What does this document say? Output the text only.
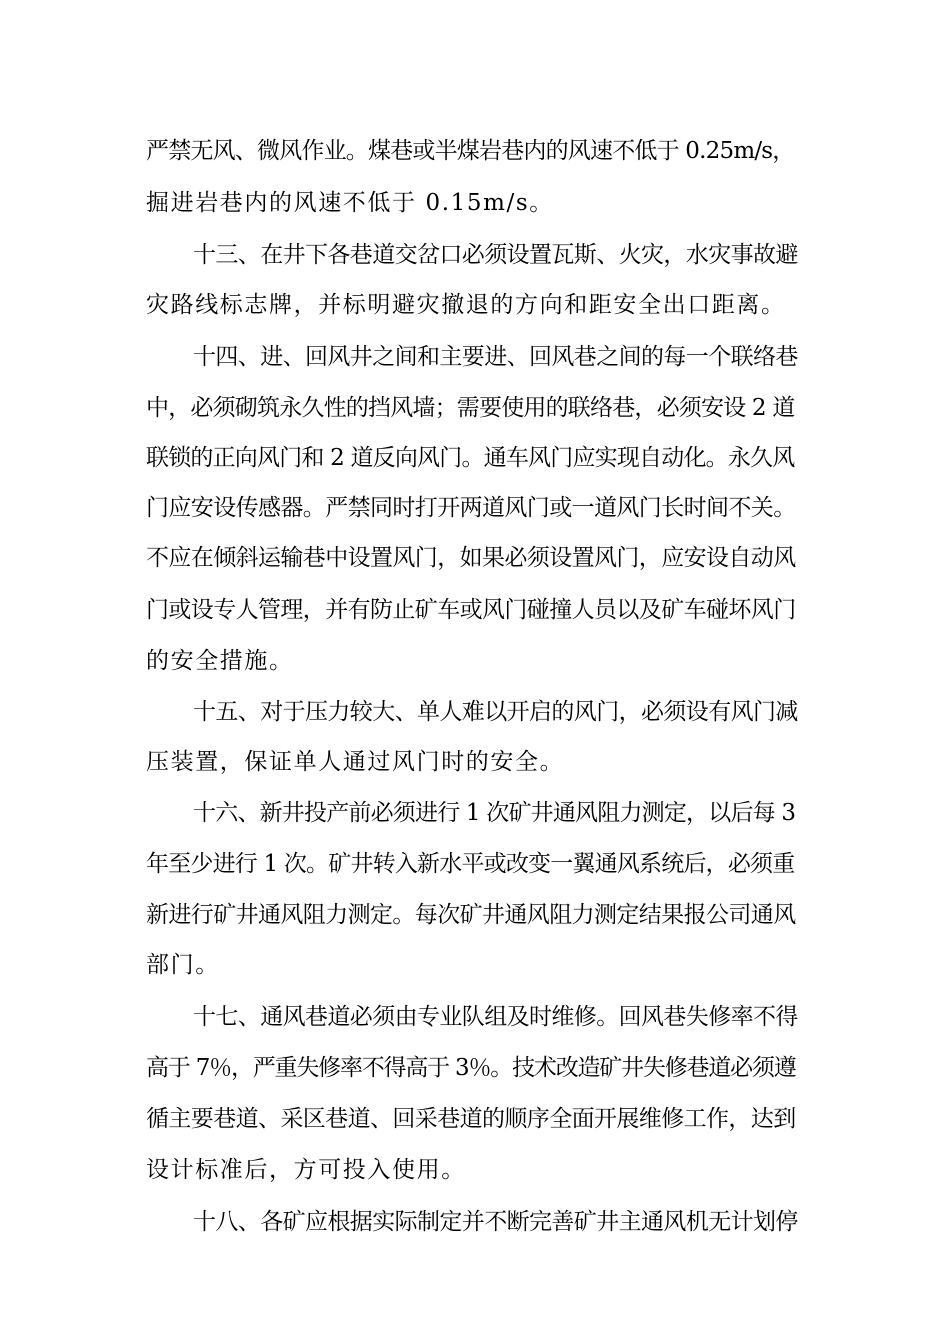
严禁无风、微风作业。煤巷或半煤岩巷内的风速不低于 0.25m/s，
掘进岩巷内的风速不低于 0.15m/s。
十三、在井下各巷道交岔口必须设置瓦斯、火灾，水灾事故避
灾路线标志牌，并标明避灾撤退的方向和距安全出口距离。
十四、进、回风井之间和主要进、回风巷之间的每一个联络巷
中，必须砌筑永久性的挡风墙；需要使用的联络巷，必须安设 2 道
联锁的正向风门和 2 道反向风门。通车风门应实现自动化。永久风
门应安设传感器。严禁同时打开两道风门或一道风门长时间不关。
不应在倾斜运输巷中设置风门，如果必须设置风门，应安设自动风
门或设专人管理，并有防止矿车或风门碰撞人员以及矿车碰坏风门
的安全措施。
十五、对于压力较大、单人难以开启的风门，必须设有风门减
压装置，保证单人通过风门时的安全。
十六、新井投产前必须进行 1 次矿井通风阻力测定，以后每 3
年至少进行 1 次。矿井转入新水平或改变一翼通风系统后，必须重
新进行矿井通风阻力测定。每次矿井通风阻力测定结果报公司通风
部门。
十七、通风巷道必须由专业队组及时维修。回风巷失修率不得
高于 7％，严重失修率不得高于 3％。技术改造矿井失修巷道必须遵
循主要巷道、采区巷道、回采巷道的顺序全面开展维修工作，达到
设计标准后，方可投入使用。
十八、各矿应根据实际制定并不断完善矿井主通风机无计划停
